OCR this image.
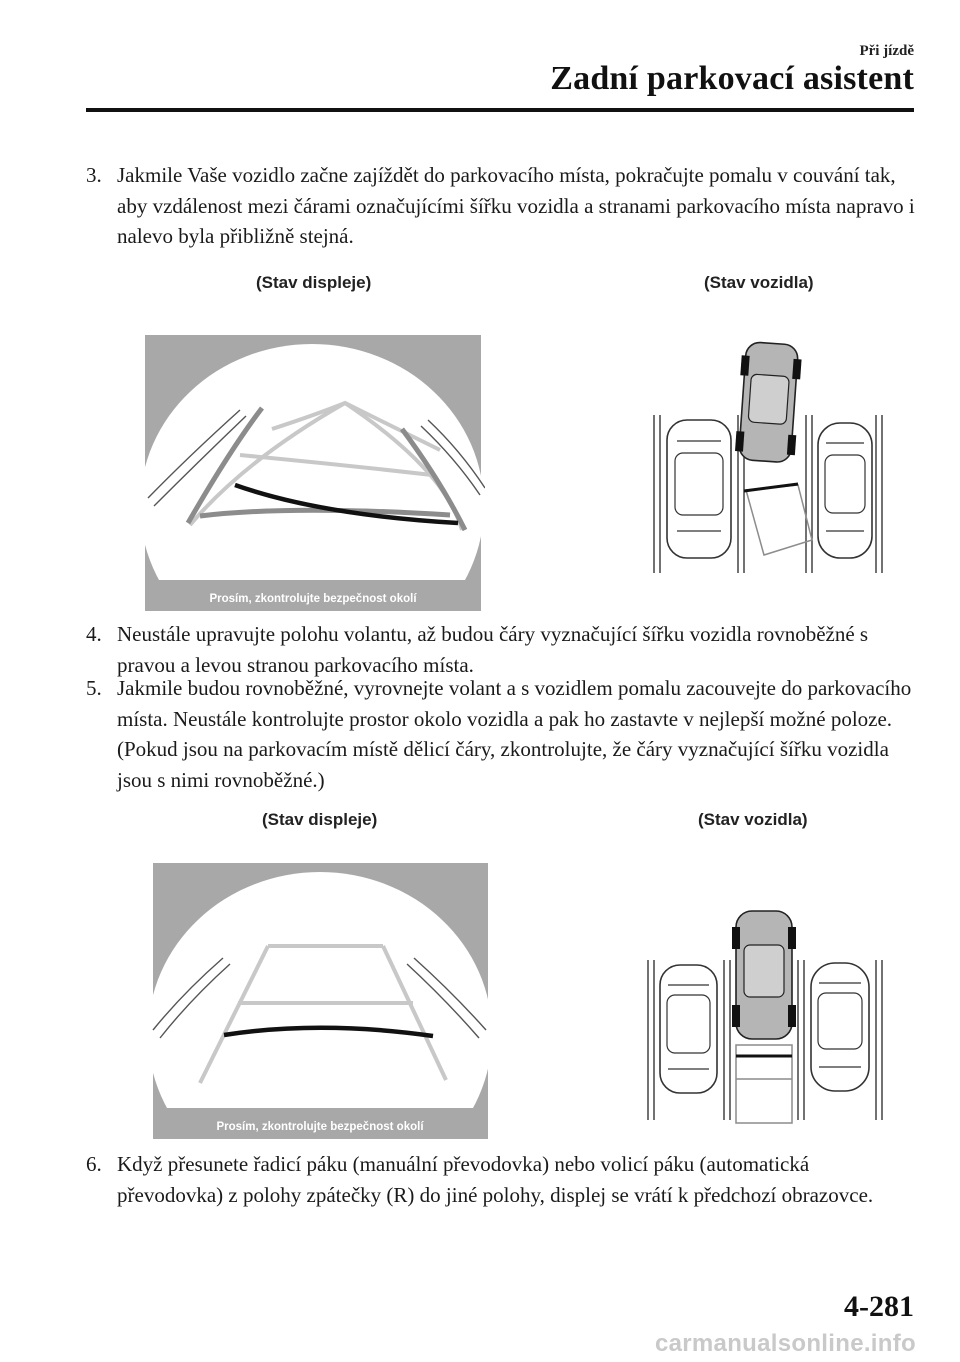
Při jízdě
Zadní parkovací asistent
3. Jakmile Vaše vozidlo začne zajíždět do parkovacího místa, pokračujte pomalu v couvání tak, aby vzdálenost mezi čárami označujícími šířku vozidla a stranami parkovacího místa napravo i nalevo byla přibližně stejná.
(Stav displeje)	(Stav vozidla)
Prosím, zkontrolujte bezpečnost okolí
4. Neustále upravujte polohu volantu, až budou čáry vyznačující šířku vozidla rovnoběžné s pravou a levou stranou parkovacího místa.
5. Jakmile budou rovnoběžné, vyrovnejte volant a s vozidlem pomalu zacouvejte do parkovacího místa. Neustále kontrolujte prostor okolo vozidla a pak ho zastavte v nejlepší možné poloze. (Pokud jsou na parkovacím místě dělicí čáry, zkontrolujte, že čáry vyznačující šířku vozidla jsou s nimi rovnoběžné.)
(Stav displeje)	(Stav vozidla)
Prosím, zkontrolujte bezpečnost okolí
6. Když přesunete řadicí páku (manuální převodovka) nebo volicí páku (automatická převodovka) z polohy zpátečky (R) do jiné polohy, displej se vrátí k předchozí obrazovce.
4-281
carmanualsonline.info
